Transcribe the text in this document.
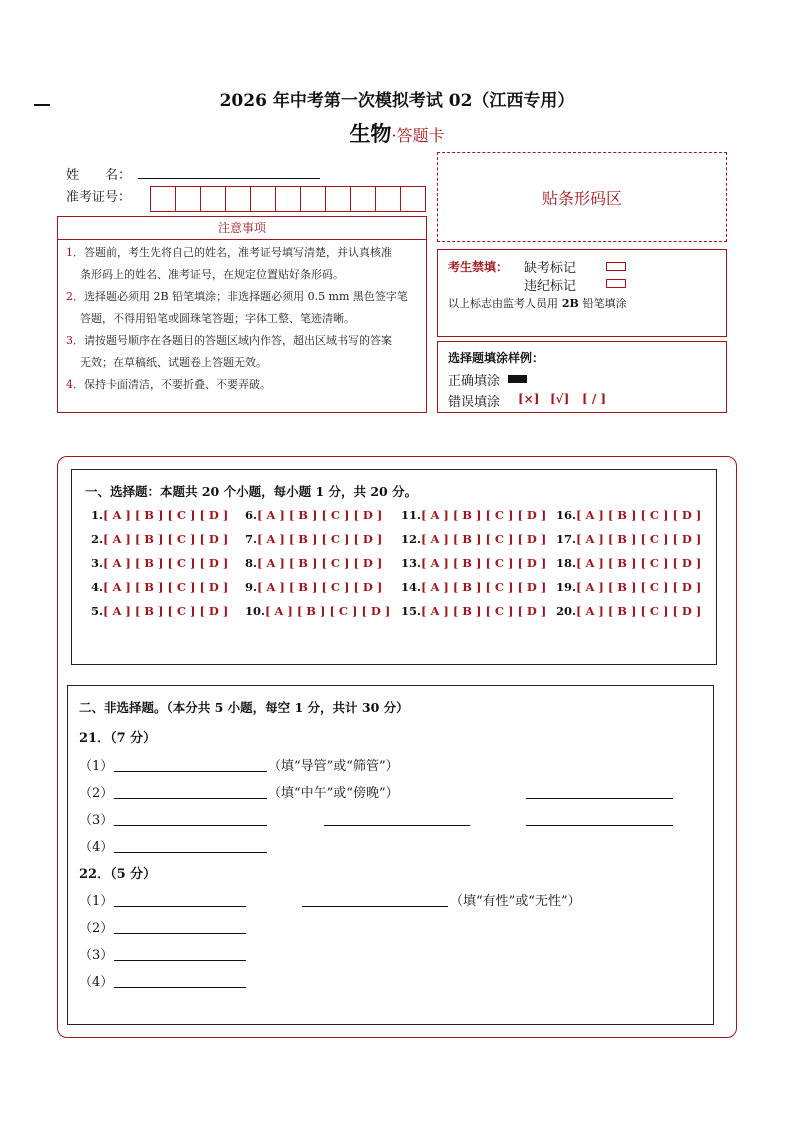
2026 年中考第一次模拟考试 02（江西专用）
生物·答题卡
姓　　名：
准考证号：	贴条形码区
注意事项
1．答题前，考生先将自己的姓名，准考证号填写清楚，并认真核准
条形码上的姓名、准考证号，在规定位置贴好条形码。
2．选择题必须用 2B 铅笔填涂；非选择题必须用 0.5 mm 黑色签字笔
答题，不得用铅笔或圆珠笔答题；字体工整、笔迹清晰。
3．请按题号顺序在各题目的答题区域内作答，超出区域书写的答案
无效；在草稿纸、试题卷上答题无效。
4．保持卡面清洁，不要折叠、不要弄破。
考生禁填： 缺考标记
违纪标记
以上标志由监考人员用 2B 铅笔填涂
选择题填涂样例：
正确填涂
错误填涂 [×] [√] [ / ]
一、选择题：本题共 20 个小题，每小题 1 分，共 20 分。
1.[ A ] [ B ] [ C ] [ D ]
2.[ A ] [ B ] [ C ] [ D ]
3.[ A ] [ B ] [ C ] [ D ]
4.[ A ] [ B ] [ C ] [ D ]
5.[ A ] [ B ] [ C ] [ D ]
6.[ A ] [ B ] [ C ] [ D ]
7.[ A ] [ B ] [ C ] [ D ]
8.[ A ] [ B ] [ C ] [ D ]
9.[ A ] [ B ] [ C ] [ D ]
10.[ A ] [ B ] [ C ] [ D ]
11.[ A ] [ B ] [ C ] [ D ]
12.[ A ] [ B ] [ C ] [ D ]
13.[ A ] [ B ] [ C ] [ D ]
14.[ A ] [ B ] [ C ] [ D ]
15.[ A ] [ B ] [ C ] [ D ]
16.[ A ] [ B ] [ C ] [ D ]
17.[ A ] [ B ] [ C ] [ D ]
18.[ A ] [ B ] [ C ] [ D ]
19.[ A ] [ B ] [ C ] [ D ]
20.[ A ] [ B ] [ C ] [ D ]
二、非选择题。（本分共 5 小题，每空 1 分，共计 30 分）
21．（7 分）
（1）	（填“导管”或“筛管”）
（2）	（填“中午”或“傍晚”）
（3）
（4）
22．（5 分）
（1）	（填“有性”或“无性”）
（2）
（3）
（4）
